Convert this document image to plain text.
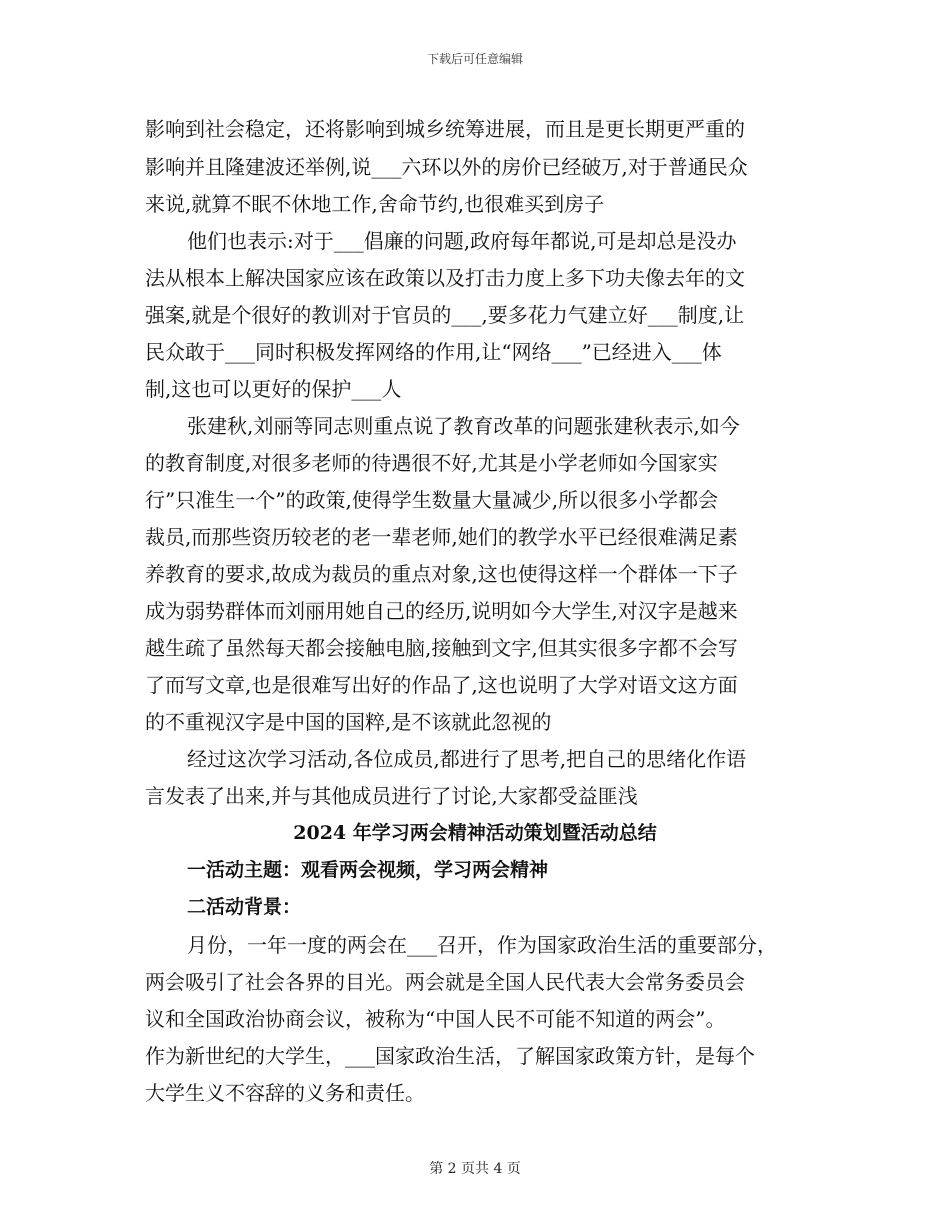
下载后可任意编辑
影响到社会稳定，还将影响到城乡统筹进展，而且是更长期更严重的
影响并且隆建波还举例,说___六环以外的房价已经破万,对于普通民众
来说,就算不眠不休地工作,舍命节约,也很难买到房子
他们也表示:对于___倡廉的问题,政府每年都说,可是却总是没办
法从根本上解决国家应该在政策以及打击力度上多下功夫像去年的文
强案,就是个很好的教训对于官员的___,要多花力气建立好___制度,让
民众敢于___同时积极发挥网络的作用,让“网络___”已经进入___体
制,这也可以更好的保护___人
张建秋,刘丽等同志则重点说了教育改革的问题张建秋表示,如今
的教育制度,对很多老师的待遇很不好,尤其是小学老师如今国家实
行”只准生一个”的政策,使得学生数量大量减少,所以很多小学都会
裁员,而那些资历较老的老一辈老师,她们的教学水平已经很难满足素
养教育的要求,故成为裁员的重点对象,这也使得这样一个群体一下子
成为弱势群体而刘丽用她自己的经历,说明如今大学生,对汉字是越来
越生疏了虽然每天都会接触电脑,接触到文字,但其实很多字都不会写
了而写文章,也是很难写出好的作品了,这也说明了大学对语文这方面
的不重视汉字是中国的国粹,是不该就此忽视的
经过这次学习活动,各位成员,都进行了思考,把自己的思绪化作语
言发表了出来,并与其他成员进行了讨论,大家都受益匪浅
2024 年学习两会精神活动策划暨活动总结
一活动主题：观看两会视频，学习两会精神
二活动背景：
月份，一年一度的两会在___召开，作为国家政治生活的重要部分，
两会吸引了社会各界的目光。两会就是全国人民代表大会常务委员会
议和全国政治协商会议，被称为“中国人民不可能不知道的两会”。
作为新世纪的大学生，___国家政治生活，了解国家政策方针，是每个
大学生义不容辞的义务和责任。
第 2 页共 4 页
